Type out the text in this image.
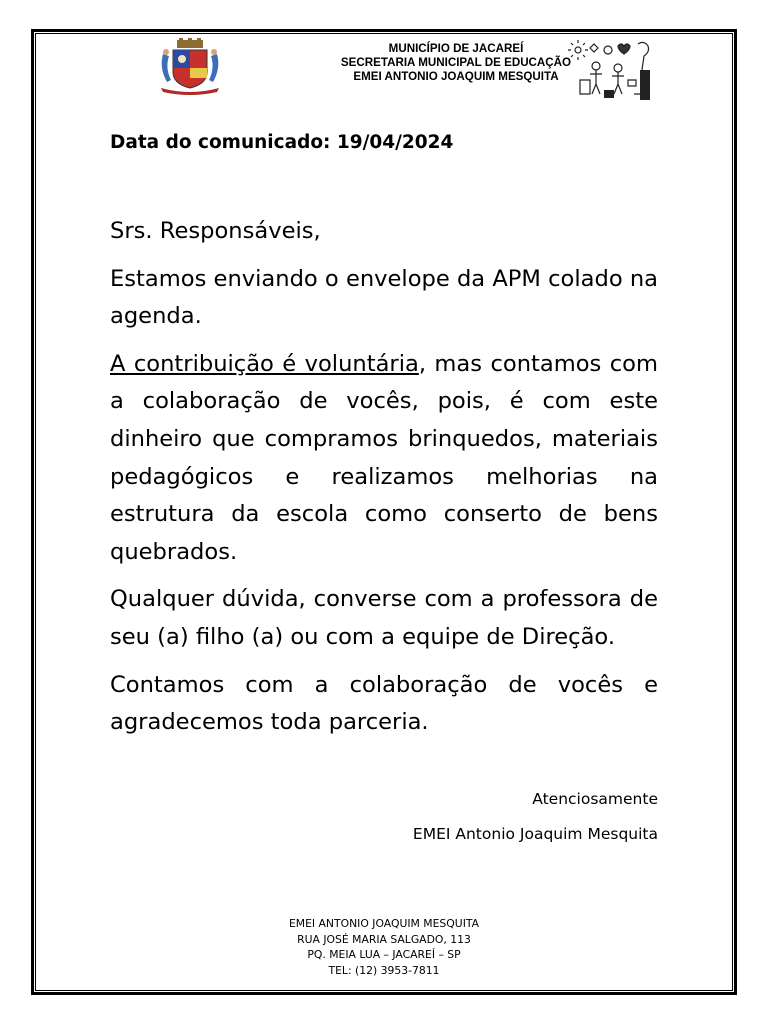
MUNICÍPIO DE JACAREÍ
SECRETARIA MUNICIPAL DE EDUCAÇÃO
EMEI ANTONIO JOAQUIM MESQUITA
Data do comunicado: 19/04/2024

Srs. Responsáveis,

Estamos enviando o envelope da APM colado na agenda.

A contribuição é voluntária, mas contamos com a colaboração de vocês, pois, é com este dinheiro que compramos brinquedos, materiais pedagógicos e realizamos melhorias na estrutura da escola como conserto de bens quebrados.

Qualquer dúvida, converse com a professora de seu (a) filho (a) ou com a equipe de Direção.

Contamos com a colaboração de vocês e agradecemos toda parceria.

Atenciosamente
EMEI Antonio Joaquim Mesquita
EMEI ANTONIO JOAQUIM MESQUITA
RUA JOSÉ MARIA SALGADO, 113
PQ. MEIA LUA – JACAREÍ – SP
TEL: (12) 3953-7811
